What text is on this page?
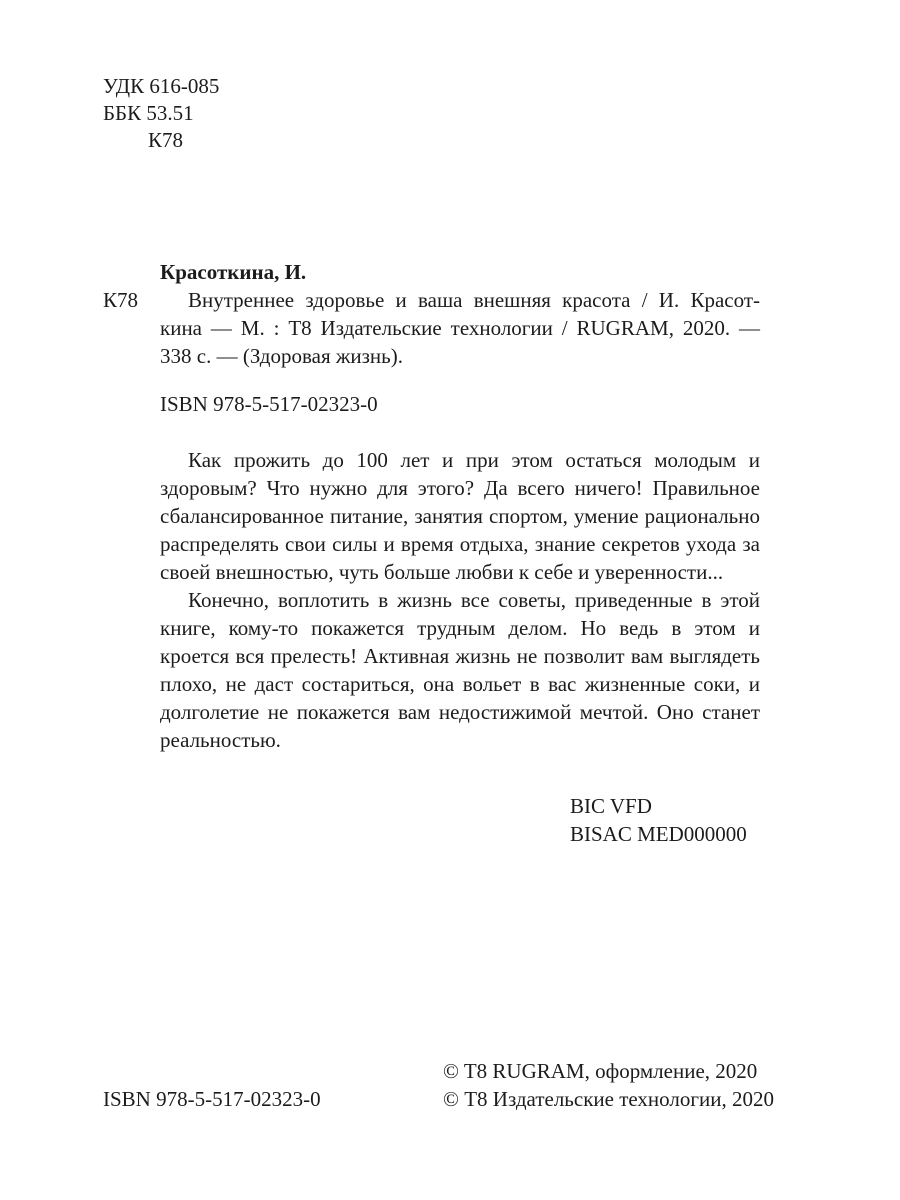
УДК 616-085
ББК 53.51
К78
Красоткина, И.
К78 Внутреннее здоровье и ваша внешняя красота / И. Красот-
кина — М. : Т8 Издательские технологии / RUGRAM, 2020. —
338 с. — (Здоровая жизнь).
ISBN 978-5-517-02323-0

Как прожить до 100 лет и при этом остаться молодым и здоровым? Что нужно для этого? Да всего ничего! Правильное сбалансированное питание, занятия спортом, умение рационально распределять свои силы и время отдыха, знание секретов ухода за своей внешностью, чуть больше любви к себе и уверенности...

Конечно, воплотить в жизнь все советы, приведенные в этой книге, кому-то покажется трудным делом. Но ведь в этом и кроется вся прелесть! Активная жизнь не позволит вам выглядеть плохо, не даст состариться, она вольет в вас жизненные соки, и долголетие не покажется вам недостижимой мечтой. Оно станет реальностью.

BIC VFD
BISAC MED000000
© T8 RUGRAM, оформление, 2020
ISBN 978-5-517-02323-0	© Т8 Издательские технологии, 2020
